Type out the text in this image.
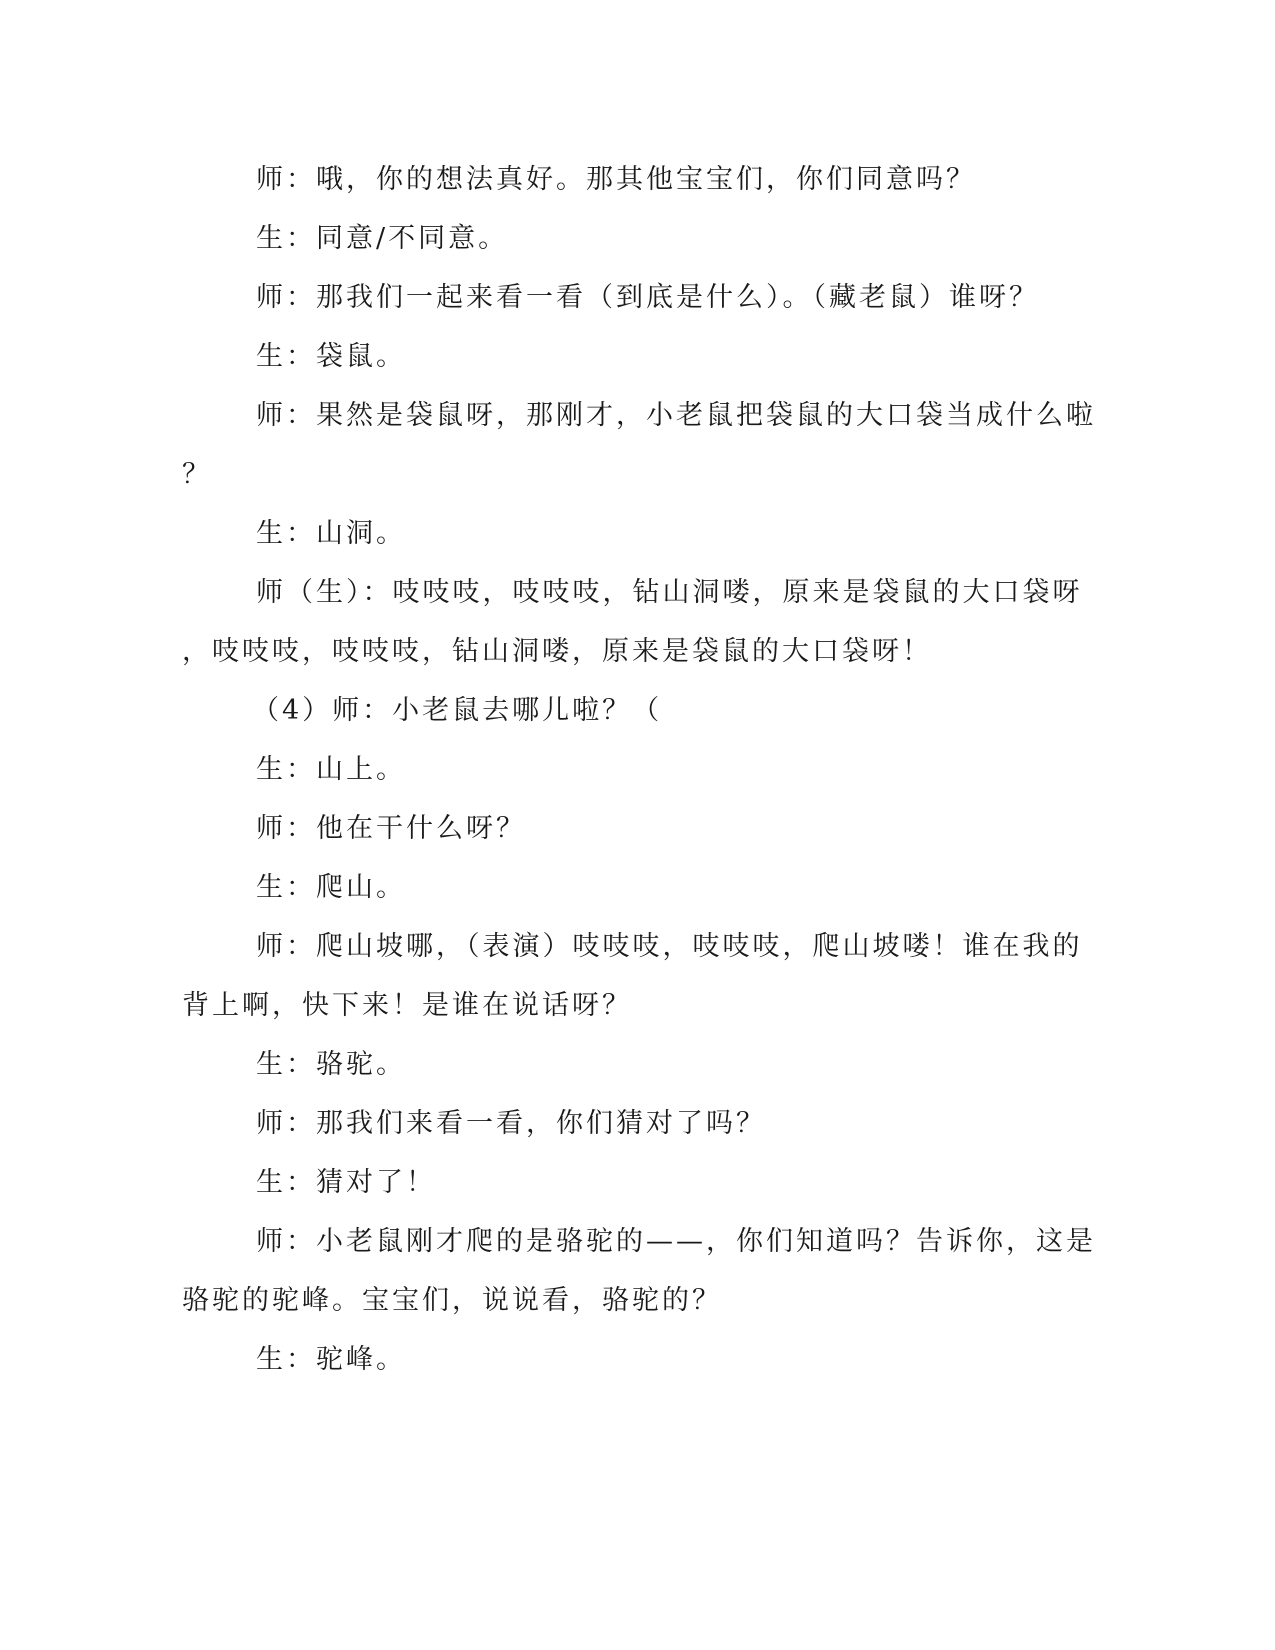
师：哦，你的想法真好。那其他宝宝们，你们同意吗？
生：同意/不同意。
师：那我们一起来看一看（到底是什么）。（藏老鼠）谁呀？
生：袋鼠。
师：果然是袋鼠呀，那刚才，小老鼠把袋鼠的大口袋当成什么啦
？
生：山洞。
师（生）：吱吱吱，吱吱吱，钻山洞喽，原来是袋鼠的大口袋呀
，吱吱吱，吱吱吱，钻山洞喽，原来是袋鼠的大口袋呀！
（4）师：小老鼠去哪儿啦？（
生：山上。
师：他在干什么呀？
生：爬山。
师：爬山坡哪，（表演）吱吱吱，吱吱吱，爬山坡喽！谁在我的
背上啊，快下来！是谁在说话呀？
生：骆驼。
师：那我们来看一看，你们猜对了吗？
生：猜对了！
师：小老鼠刚才爬的是骆驼的——，你们知道吗？告诉你，这是
骆驼的驼峰。宝宝们，说说看，骆驼的？
生：驼峰。
